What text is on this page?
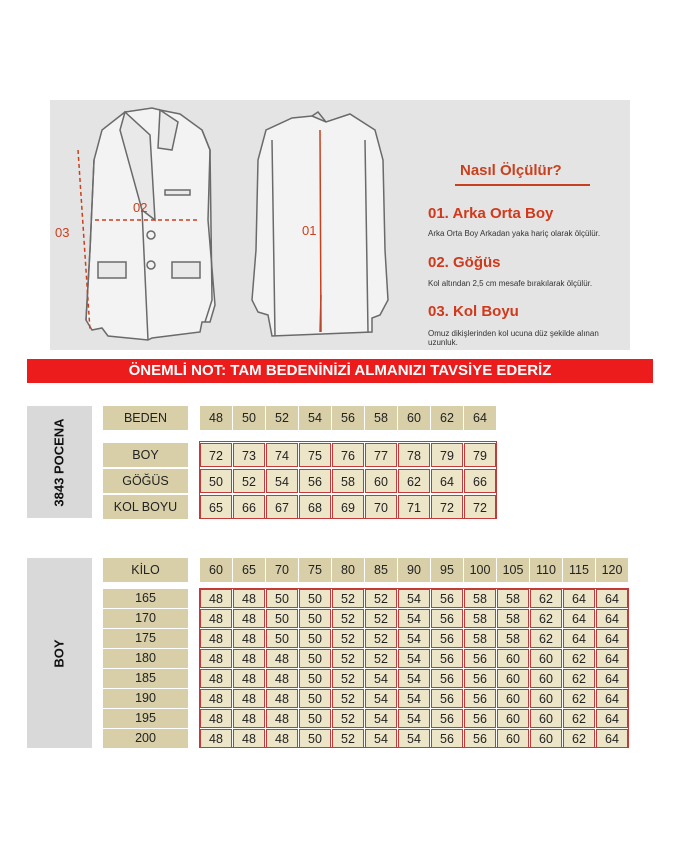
03
02
01
Nasıl Ölçülür?
01. Arka Orta Boy
Arka Orta Boy Arkadan yaka hariç olarak ölçülür.
02. Göğüs
Kol altından 2,5 cm mesafe bırakılarak ölçülür.
03. Kol Boyu
Omuz dikişlerinden kol ucuna düz şekilde alınan uzunluk.
ÖNEMLİ NOT: TAM BEDENİNİZİ ALMANIZI TAVSİYE EDERİZ
3843 POCENA	BEDEN	48	50	52	54	56	58	60	62	64
BOY	72	73	74	75	76	77	78	79	79
GÖĞÜS	50	52	54	56	58	60	62	64	66
KOL BOYU	65	66	67	68	69	70	71	72	72
BOY
KİLO	60	65	70	75	80	85	90	95	100 105	110	115	120
165	48	48	50	50	52	52	54	56	58	58	62	64	64
170	48	48	50	50	52	52	54	56	58	58	62	64	64
175	48	48	50	50	52	52	54	56	58	58	62	64	64
180	48	48	48	50	52	52	54	56	56	60	60	62	64
185	48	48	48	50	52	54	54	56	56	60	60	62	64
190	48	48	48	50	52	54	54	56	56	60	60	62	64
195	48	48	48	50	52	54	54	56	56	60	60	62	64
200	48	48	48	50	52	54	54	56	56	60	60	62	64
